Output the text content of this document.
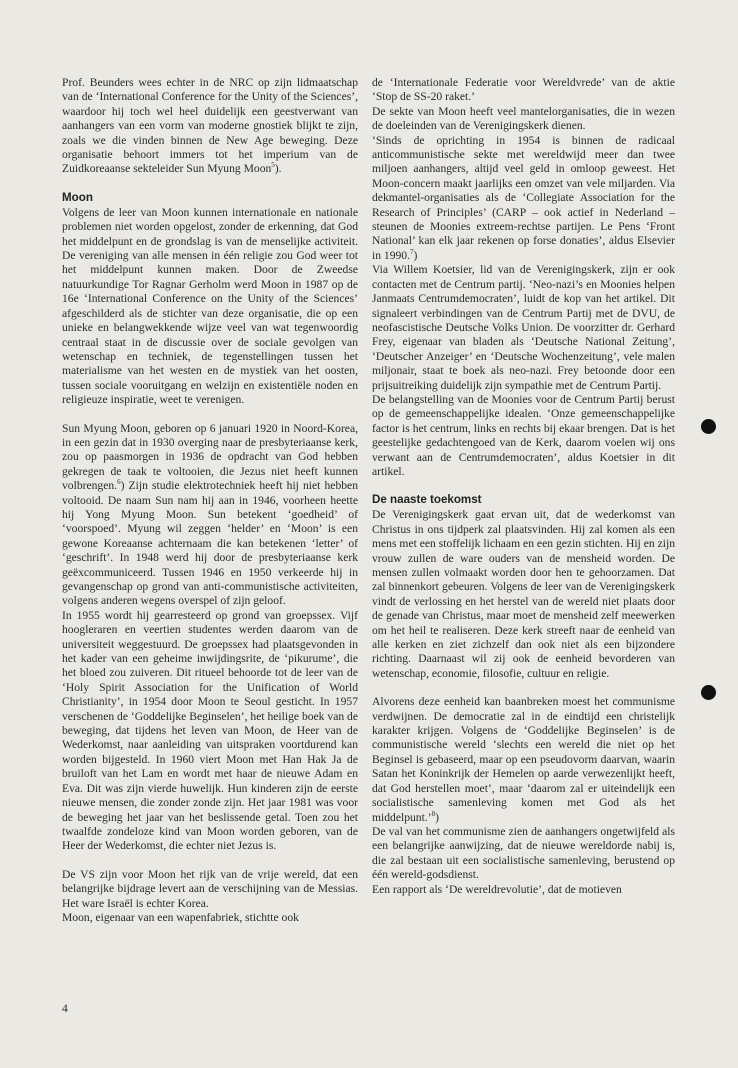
Prof. Beunders wees echter in de NRC op zijn lidmaatschap van de ‘International Conference for the Unity of the Sciences’, waardoor hij toch wel heel duidelijk een geestverwant van aanhangers van een vorm van moderne gnostiek blijkt te zijn, zoals we die vinden binnen de New Age beweging. Deze organisatie behoort immers tot het imperium van de Zuidkoreaanse sekteleider Sun Myung Moon$^5$).

Moon

Volgens de leer van Moon kunnen internationale en nationale problemen niet worden opgelost, zonder de erkenning, dat God het middelpunt en de grondslag is van de menselijke activiteit. De vereniging van alle mensen in één religie zou God weer tot het middelpunt kunnen maken. Door de Zweedse natuurkundige Tor Ragnar Gerholm werd Moon in 1987 op de 16e ‘International Conference on the Unity of the Sciences’ afgeschilderd als de stichter van deze organisatie, die op een unieke en belangwekkende wijze veel van wat tegenwoordig centraal staat in de discussie over de sociale gevolgen van wetenschap en techniek, de tegenstellingen tussen het materialisme van het westen en de mystiek van het oosten, tussen sociale vooruitgang en welzijn en existentiële noden en religieuze inspiratie, weet te verenigen.

Sun Myung Moon, geboren op 6 januari 1920 in Noord-Korea, in een gezin dat in 1930 overging naar de presbyteriaanse kerk, zou op paasmorgen in 1936 de opdracht van God hebben gekregen de taak te voltooien, die Jezus niet heeft kunnen volbrengen.$^6$) Zijn studie elektrotechniek heeft hij niet hebben voltooid. De naam Sun nam hij aan in 1946, voorheen heette hij Yong Myung Moon. Sun betekent ‘goedheid’ of ‘voorspoed’. Myung wil zeggen ‘helder’ en ‘Moon’ is een gewone Koreaanse achternaam die kan betekenen ‘letter’ of ‘geschrift’. In 1948 werd hij door de presbyteriaanse kerk geëxcommuniceerd. Tussen 1946 en 1950 verkeerde hij in gevangenschap op grond van anti-communistische activiteiten, volgens anderen wegens overspel of zijn geloof.

In 1955 wordt hij gearresteerd op grond van groepssex. Vijf hoogleraren en veertien studentes werden daarom van de universiteit weggestuurd. De groepssex had plaatsgevonden in het kader van een geheime inwijdingsrite, de ‘pikurume’, die het bloed zou zuiveren. Dit ritueel behoorde tot de leer van de ‘Holy Spirit Association for the Unification of World Christianity’, in 1954 door Moon te Seoul gesticht. In 1957 verschenen de ‘Goddelijke Beginselen’, het heilige boek van de beweging, dat tijdens het leven van Moon, de Heer van de Wederkomst, naar aanleiding van uitspraken voortdurend kan worden bijgesteld. In 1960 viert Moon met Han Hak Ja de bruiloft van het Lam en wordt met haar de nieuwe Adam en Eva. Dit was zijn vierde huwelijk. Hun kinderen zijn de eerste nieuwe mensen, die zonder zonde zijn. Het jaar 1981 was voor de beweging het jaar van het beslissende getal. Toen zou het twaalfde zondeloze kind van Moon worden geboren, van de Heer der Wederkomst, die echter niet Jezus is.

De VS zijn voor Moon het rijk van de vrije wereld, dat een belangrijke bijdrage levert aan de verschijning van de Messias. Het ware Israël is echter Korea.

Moon, eigenaar van een wapenfabriek, stichtte ook

de ‘Internationale Federatie voor Wereldvrede’ van de aktie ‘Stop de SS-20 raket.’

De sekte van Moon heeft veel mantelorganisaties, die in wezen de doeleinden van de Verenigingskerk dienen.

‘Sinds de oprichting in 1954 is binnen de radicaal anticommunistische sekte met wereldwijd meer dan twee miljoen aanhangers, altijd veel geld in omloop geweest. Het Moon-concern maakt jaarlijks een omzet van vele miljarden. Via dekmantel-organisaties als de ‘Collegiate Association for the Research of Principles’ (CARP – ook actief in Nederland – steunen de Moonies extreem-rechtse partijen. Le Pens ‘Front National’ kan elk jaar rekenen op forse donaties’, aldus Elsevier in 1990.$^7$)

Via Willem Koetsier, lid van de Verenigingskerk, zijn er ook contacten met de Centrum partij. ‘Neo-nazi’s en Moonies helpen Janmaats Centrumdemocraten’, luidt de kop van het artikel. Dit signaleert verbindingen van de Centrum Partij met de DVU, de neofascistische Deutsche Volks Union. De voorzitter dr. Gerhard Frey, eigenaar van bladen als ‘Deutsche National Zeitung’, ‘Deutscher Anzeiger’ en ‘Deutsche Wochenzeitung’, vele malen miljonair, staat te boek als neo-nazi. Frey betoonde door een prijsuitreiking duidelijk zijn sympathie met de Centrum Partij.

De belangstelling van de Moonies voor de Centrum Partij berust op de gemeenschappelijke idealen. ‘Onze gemeenschappelijke factor is het centrum, links en rechts bij ekaar brengen. Dat is het geestelijke gedachtengoed van de Kerk, daarom voelen wij ons verwant aan de Centrumdemocraten’, aldus Koetsier in dit artikel.

De naaste toekomst

De Verenigingskerk gaat ervan uit, dat de wederkomst van Christus in ons tijdperk zal plaatsvinden. Hij zal komen als een mens met een stoffelijk lichaam en een gezin stichten. Hij en zijn vrouw zullen de ware ouders van de mensheid worden. De mensen zullen volmaakt worden door hen te gehoorzamen. Dat zal binnenkort gebeuren. Volgens de leer van de Verenigingskerk vindt de verlossing en het herstel van de wereld niet plaats door de genade van Christus, maar moet de mensheid zelf meewerken om het heil te realiseren. Deze kerk streeft naar de eenheid van alle kerken en ziet zichzelf dan ook niet als een bijzondere richting. Daarnaast wil zij ook de eenheid bevorderen van wetenschap, economie, filosofie, cultuur en religie.

Alvorens deze eenheid kan baanbreken moest het communisme verdwijnen. De democratie zal in de eindtijd een christelijk karakter krijgen. Volgens de ‘Goddelijke Beginselen’ is de communistische wereld ‘slechts een wereld die niet op het Beginsel is gebaseerd, maar op een pseudovorm daarvan, waarin Satan het Koninkrijk der Hemelen op aarde verwezenlijkt heeft, dat God herstellen moet’, maar ‘daarom zal er uiteindelijk een socialistische samenleving komen met God als het middelpunt.’$^8$)

De val van het communisme zien de aanhangers ongetwijfeld als een belangrijke aanwijzing, dat de nieuwe wereldorde nabij is, die zal bestaan uit een socialistische samenleving, berustend op één wereld-godsdienst.

Een rapport als ‘De wereldrevolutie’, dat de motieven

4
